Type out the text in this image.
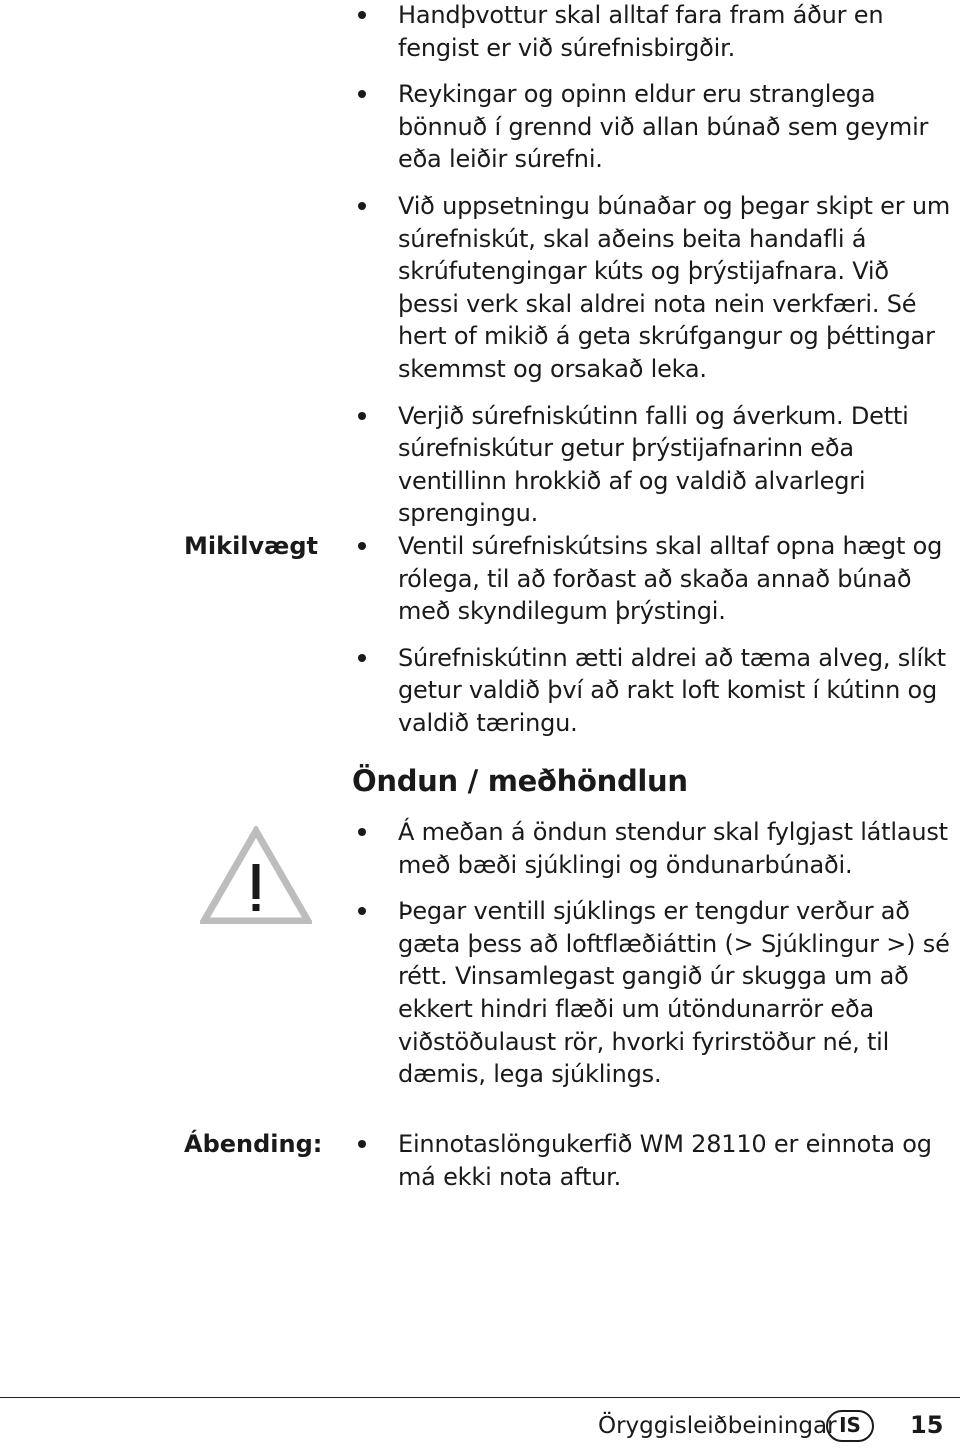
Handþvottur skal alltaf fara fram áður en fengist er við súrefnisbirgðir.
Reykingar og opinn eldur eru stranglega bönnuð í grennd við allan búnað sem geymir eða leiðir súrefni.
Við uppsetningu búnaðar og þegar skipt er um súrefniskút, skal aðeins beita handafli á skrúfutengingar kúts og þrýstijafnara. Við þessi verk skal aldrei nota nein verkfæri. Sé hert of mikið á geta skrúfgangur og þéttingar skemmst og orsakað leka.
Verjið súrefniskútinn falli og áverkum. Detti súrefniskútur getur þrýstijafnarinn eða ventillinn hrokkið af og valdið alvarlegri sprengingu.
Mikilvægt	Ventil súrefniskútsins skal alltaf opna hægt og rólega, til að forðast að skaða annað búnað með skyndilegum þrýstingi.
Súrefniskútinn ætti aldrei að tæma alveg, slíkt getur valdið því að rakt loft komist í kútinn og valdið tæringu.
Öndun / meðhöndlun
Á meðan á öndun stendur skal fylgjast látlaust með bæði sjúklingi og öndunarbúnaði.
Þegar ventill sjúklings er tengdur verður að gæta þess að loftflæðiáttin (> Sjúklingur >) sé rétt. Vinsamlegast gangið úr skugga um að ekkert hindri flæði um útöndunarrör eða viðstöðulaust rör, hvorki fyrirstöður né, til dæmis, lega sjúklings.
Ábending:	Einnotaslöngukerfið WM 28110 er einnota og má ekki nota aftur.
Öryggisleiðbeiningar IS	15
